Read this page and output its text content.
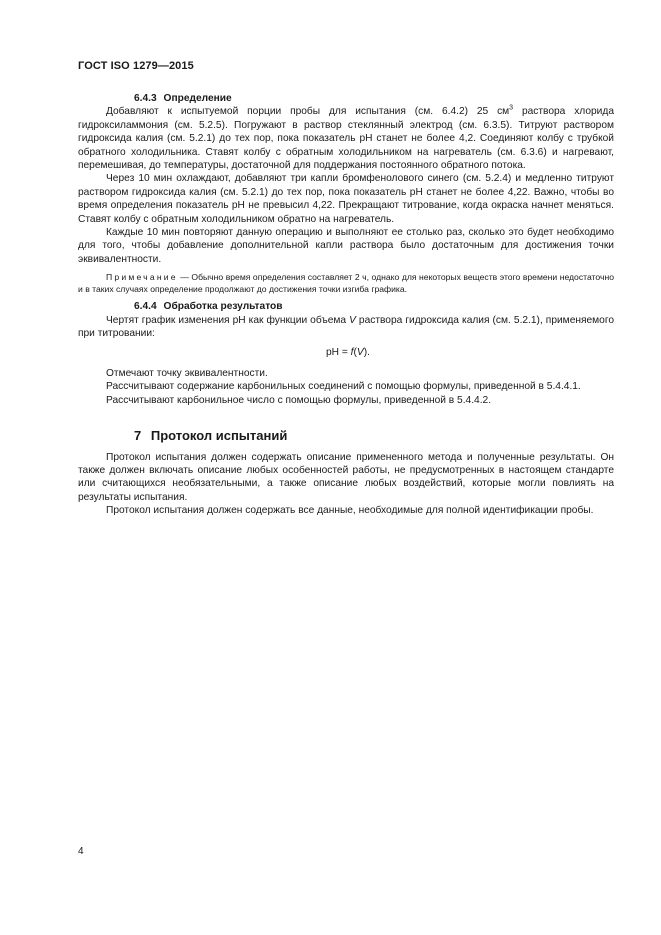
ГОСТ ISO 1279—2015
6.4.3 Определение

Добавляют к испытуемой порции пробы для испытания (см. 6.4.2) 25 $см^3$ раствора хлорида гидроксиламмония (см. 5.2.5). Погружают в раствор стеклянный электрод (см. 6.3.5). Титруют раствором гидроксида калия (см. 5.2.1) до тех пор, пока показатель pH станет не более 4,2. Соединяют колбу с трубкой обратного холодильника. Ставят колбу с обратным холодильником на нагреватель (см. 6.3.6) и нагревают, перемешивая, до температуры, достаточной для поддержания постоянного обратного потока.

Через 10 мин охлаждают, добавляют три капли бромфенолового синего (см. 5.2.4) и медленно титруют раствором гидроксида калия (см. 5.2.1) до тех пор, пока показатель pH станет не более 4,22. Важно, чтобы во время определения показатель pH не превысил 4,22. Прекращают титрование, когда окраска начнет меняться. Ставят колбу с обратным холодильником обратно на нагреватель.

Каждые 10 мин повторяют данную операцию и выполняют ее столько раз, сколько это будет необходимо для того, чтобы добавление дополнительной капли раствора было достаточным для достижения точки эквивалентности.

Примечание — Обычно время определения составляет 2 ч, однако для некоторых веществ этого времени недостаточно и в таких случаях определение продолжают до достижения точки изгиба графика.

6.4.4 Обработка результатов

Чертят график изменения pH как функции объема V раствора гидроксида калия (см. 5.2.1), применяемого при титровании:

pH = f(V).

Отмечают точку эквивалентности.

Рассчитывают содержание карбонильных соединений с помощью формулы, приведенной в 5.4.4.1.

Рассчитывают карбонильное число с помощью формулы, приведенной в 5.4.4.2.

7 Протокол испытаний

Протокол испытания должен содержать описание примененного метода и полученные результаты. Он также должен включать описание любых особенностей работы, не предусмотренных в настоящем стандарте или считающихся необязательными, а также описание любых воздействий, которые могли повлиять на результаты испытания.

Протокол испытания должен содержать все данные, необходимые для полной идентификации пробы.

4
